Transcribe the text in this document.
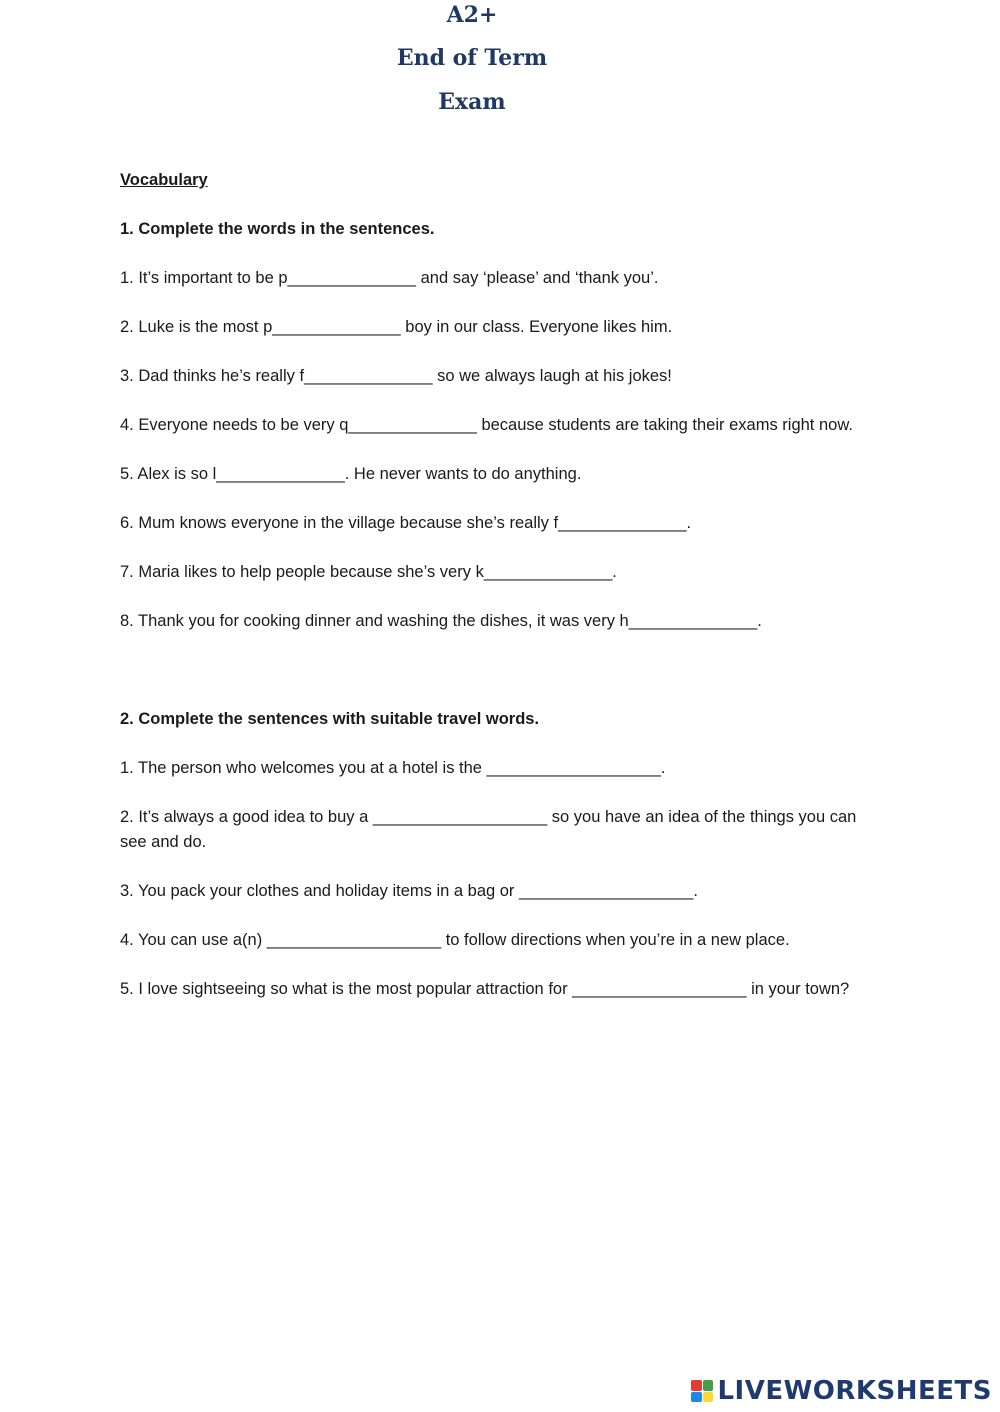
A2+
End of Term
Exam
Vocabulary
1. Complete the words in the sentences.
1. It’s important to be p______________ and say ‘please’ and ‘thank you’.
2. Luke is the most p______________ boy in our class. Everyone likes him.
3. Dad thinks he’s really f______________ so we always laugh at his jokes!
4. Everyone needs to be very q______________ because students are taking their exams right now.
5. Alex is so l______________. He never wants to do anything.
6. Mum knows everyone in the village because she’s really f______________.
7. Maria likes to help people because she’s very k______________.
8. Thank you for cooking dinner and washing the dishes, it was very h______________.
2. Complete the sentences with suitable travel words.
1. The person who welcomes you at a hotel is the ___________________.
2. It’s always a good idea to buy a ___________________ so you have an idea of the things you can see and do.
3. You pack your clothes and holiday items in a bag or ___________________.
4. You can use a(n) ___________________ to follow directions when you’re in a new place.
5. I love sightseeing so what is the most popular attraction for ___________________ in your town?
LIVEWORKSHEETS
